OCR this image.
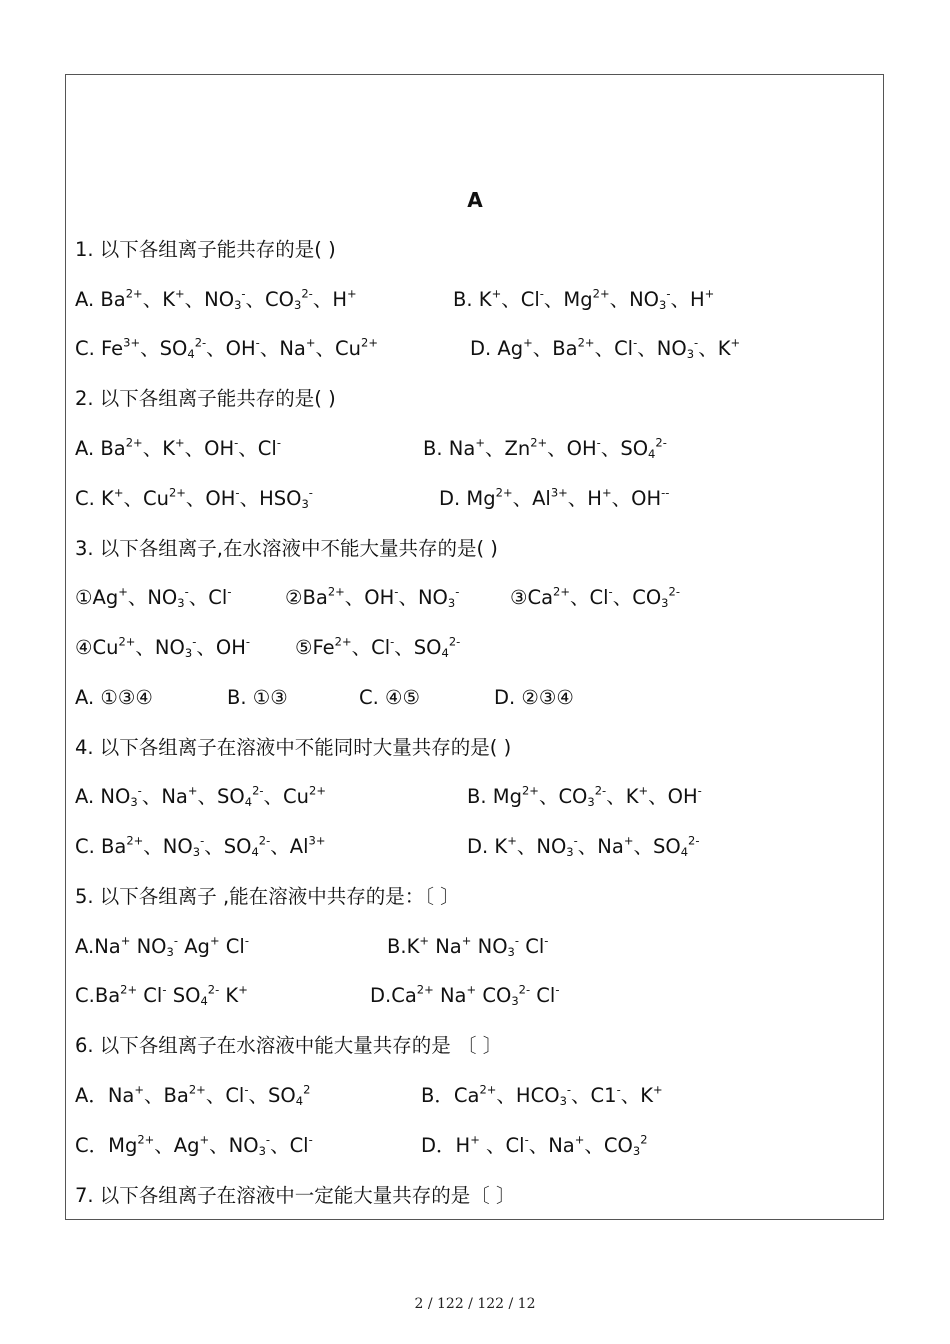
A
1. 以下各组离子能共存的是( )
A. $Ba^{2+}$、K+、$NO_3^-$、$CO_3^{2-}$、H+	B. K+、Cl-、$Mg^{2+}$、$NO_3^-$、H+
C. $Fe^{3+}$、$SO_4^{2-}$、OH-、Na+、$Cu^{2+}$	D. Ag+、$Ba^{2+}$、Cl-、$NO_3^-$、K+
2. 以下各组离子能共存的是( )
A. $Ba^{2+}$、K+、OH-、Cl-	B. Na+、$Zn^{2+}$、OH-、$SO_4^{2-}$
C. K+、$Cu^{2+}$、OH-、$HSO_3^-$	D. $Mg^{2+}$、$Al^{3+}$、H+、OH--
3. 以下各组离子,在水溶液中不能大量共存的是( )
①Ag+、$NO_3^-$、Cl-	$②Ba^{2+}$、OH-、$NO_3^-$	$③Ca^{2+}$、Cl-、$CO_3^{2-}$
$④Cu^{2+}$、$NO_3^-$、OH- $⑤Fe^{2+}$、Cl-、$SO_4^{2-}$
A. ①③④	B. ①③	C. ④⑤	D. ②③④
4. 以下各组离子在溶液中不能同时大量共存的是( )
A. $NO_3^-$、Na+、$SO_4^{2-}$、$Cu^{2+}$	B. $Mg^{2+}$、$CO_3^{2-}$、K+、OH-
C. $Ba^{2+}$、$NO_3^-$、$SO_4^{2-}$、$Al^{3+}$	D. K+、$NO_3^-$、Na+、$SO_4^{2-}$
5. 以下各组离子 ,能在溶液中共存的是：〔 〕
A.Na+ $NO_3^-$ Ag+ Cl-	B.K+ Na+ $NO_3^-$ Cl-
$C.Ba^{2+}$ Cl- $SO_4^{2-}$ K+	$D.Ca^{2+}$ Na+ $CO_3^{2-}$ Cl-
6. 以下各组离子在水溶液中能大量共存的是 〔 〕
A．Na+、$Ba^{2+}$、Cl-、$SO_4^2$	B．$Ca^{2+}$、$HCO_3^-$、C1-、K+
C．$Mg^{2+}$、Ag+、$NO_3^-$、Cl-	D．H+ 、Cl-、Na+、$CO_3^2$
7. 以下各组离子在溶液中一定能大量共存的是〔 〕
2 / 122 / 122 / 12
